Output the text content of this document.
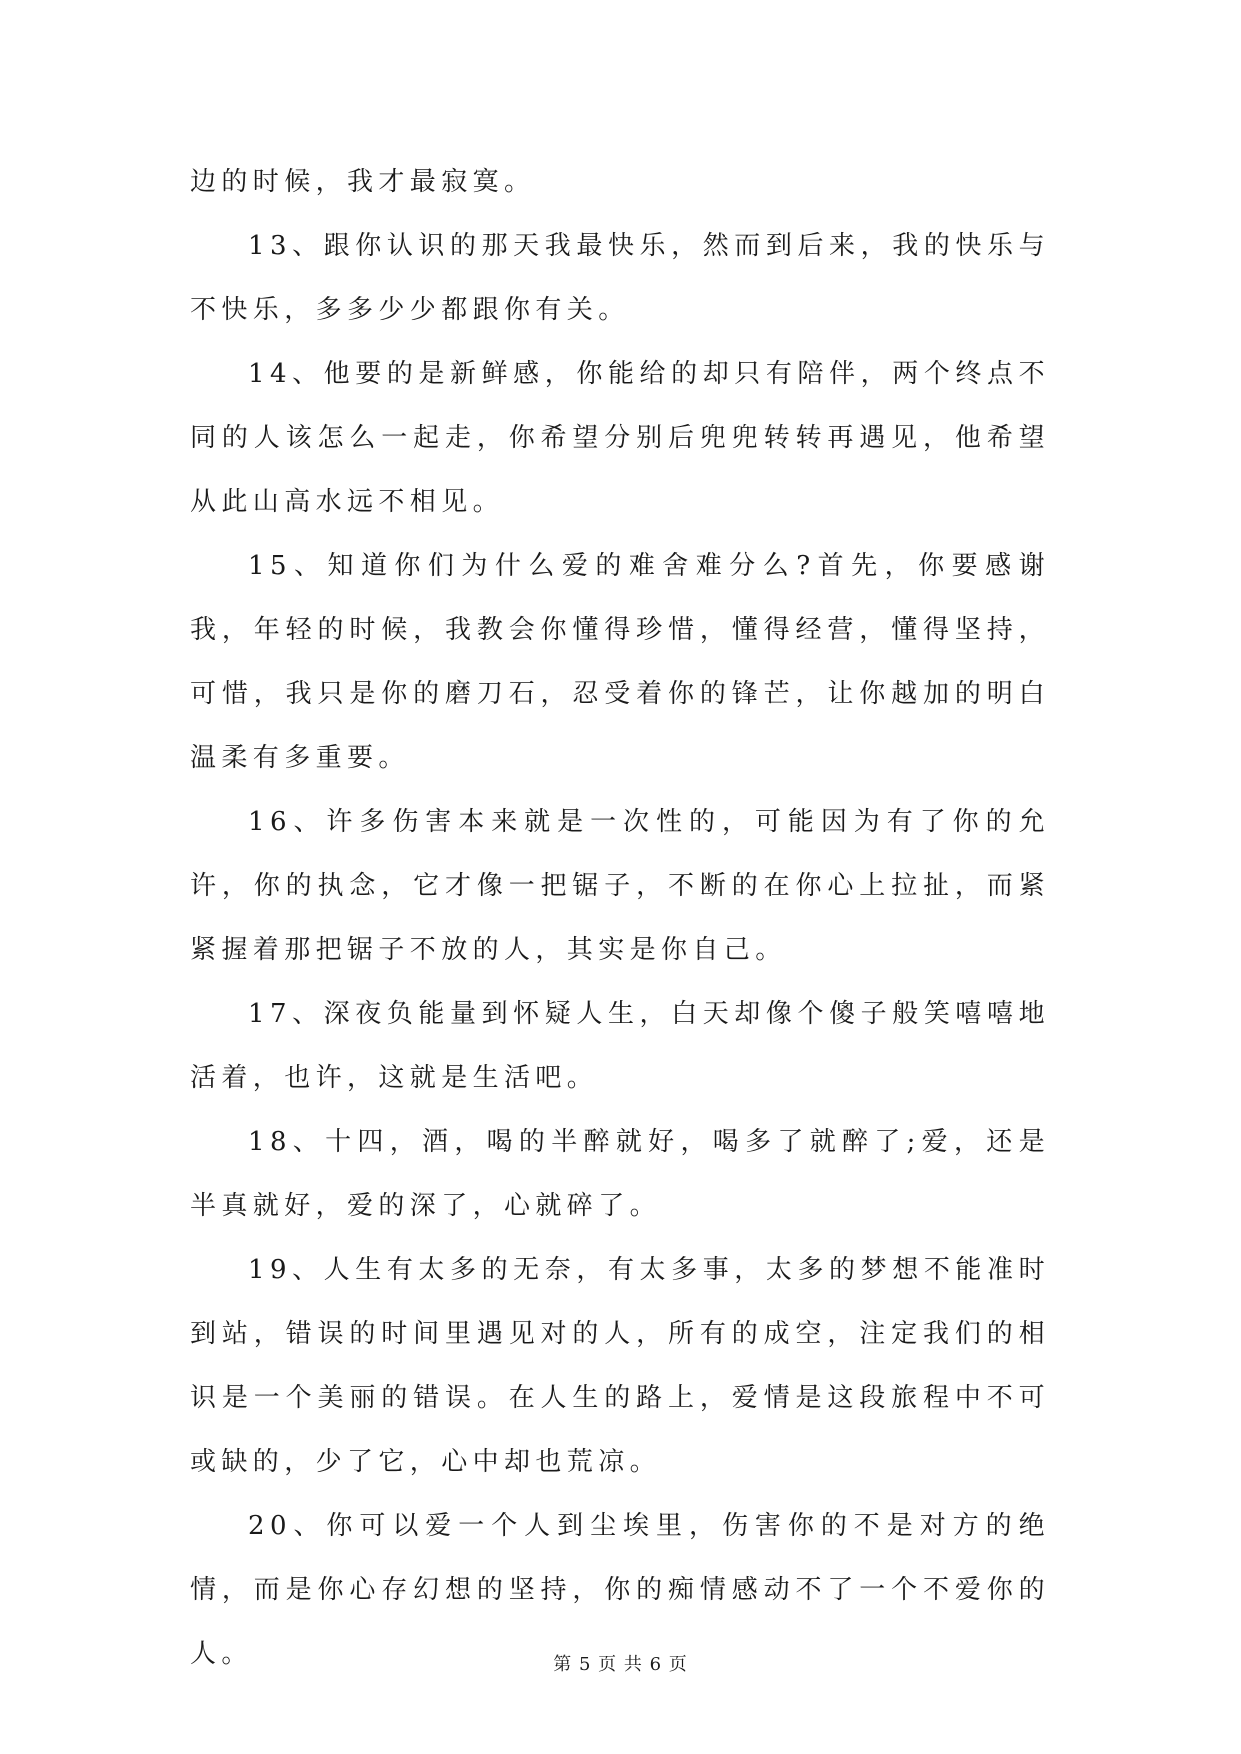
边的时候，我才最寂寞。

13、跟你认识的那天我最快乐，然而到后来，我的快乐与不快乐，多多少少都跟你有关。

14、他要的是新鲜感，你能给的却只有陪伴，两个终点不同的人该怎么一起走，你希望分别后兜兜转转再遇见，他希望从此山高水远不相见。

15、知道你们为什么爱的难舍难分么?首先，你要感谢我，年轻的时候，我教会你懂得珍惜，懂得经营，懂得坚持，可惜，我只是你的磨刀石，忍受着你的锋芒，让你越加的明白温柔有多重要。

16、许多伤害本来就是一次性的，可能因为有了你的允许，你的执念，它才像一把锯子，不断的在你心上拉扯，而紧紧握着那把锯子不放的人，其实是你自己。

17、深夜负能量到怀疑人生，白天却像个傻子般笑嘻嘻地活着，也许，这就是生活吧。

18、十四，酒，喝的半醉就好，喝多了就醉了;爱，还是半真就好，爱的深了，心就碎了。

19、人生有太多的无奈，有太多事，太多的梦想不能准时到站，错误的时间里遇见对的人，所有的成空，注定我们的相识是一个美丽的错误。在人生的路上，爱情是这段旅程中不可或缺的，少了它，心中却也荒凉。

20、你可以爱一个人到尘埃里，伤害你的不是对方的绝情，而是你心存幻想的坚持，你的痴情感动不了一个不爱你的人。	第 5 页 共 6 页
